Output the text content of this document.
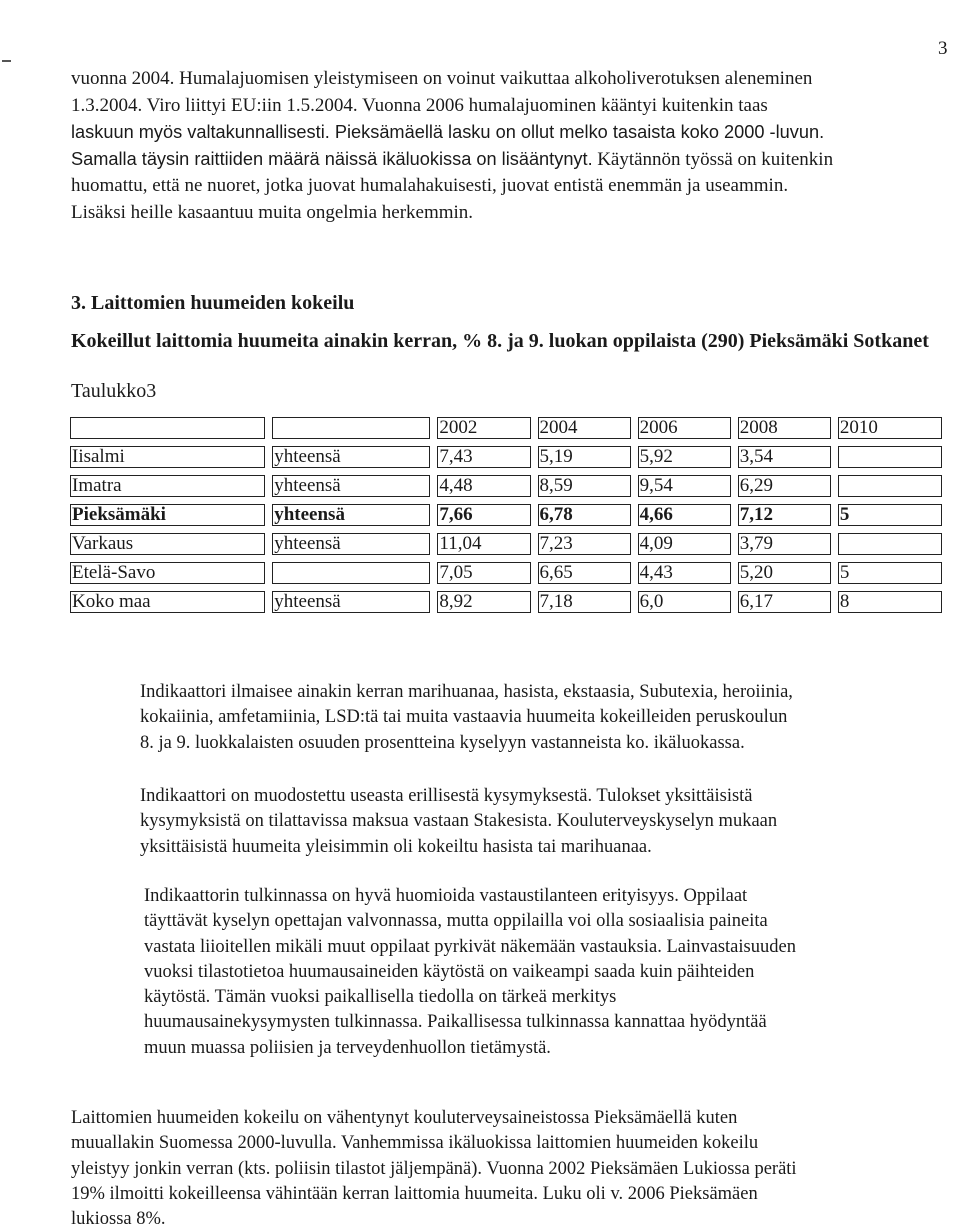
3
vuonna 2004. Humalajuomisen yleistymiseen on voinut vaikuttaa alkoholiverotuksen aleneminen
1.3.2004. Viro liittyi EU:iin 1.5.2004. Vuonna 2006 humalajuominen kääntyi kuitenkin taas
laskuun myös valtakunnallisesti. Pieksämäellä lasku on ollut melko tasaista koko 2000 -luvun.
Samalla täysin raittiiden määrä näissä ikäluokissa on lisääntynyt. Käytännön työssä on kuitenkin
huomattu, että ne nuoret, jotka juovat humalahakuisesti, juovat entistä enemmän ja useammin.
Lisäksi heille kasaantuu muita ongelmia herkemmin.
3. Laittomien huumeiden kokeilu

Kokeillut laittomia huumeita ainakin kerran, % 8. ja 9. luokan oppilaista (290) Pieksämäki Sotkanet

Taulukko3
		2002	2004	2006	2008	2010
Iisalmi	yhteensä	7,43	5,19	5,92	3,54	
Imatra	yhteensä	4,48	8,59	9,54	6,29	
Pieksämäki	yhteensä	7,66	6,78	4,66	7,12	5
Varkaus	yhteensä	11,04	7,23	4,09	3,79	
Etelä-Savo		7,05	6,65	4,43	5,20	5
Koko maa	yhteensä	8,92	7,18	6,0	6,17	8

Indikaattori ilmaisee ainakin kerran marihuanaa, hasista, ekstaasia, Subutexia, heroiinia,
kokaiinia, amfetamiinia, LSD:tä tai muita vastaavia huumeita kokeilleiden peruskoulun
8. ja 9. luokkalaisten osuuden prosentteina kyselyyn vastanneista ko. ikäluokassa.

Indikaattori on muodostettu useasta erillisestä kysymyksestä. Tulokset yksittäisistä
kysymyksistä on tilattavissa maksua vastaan Stakesista. Kouluterveyskyselyn mukaan
yksittäisistä huumeita yleisimmin oli kokeiltu hasista tai marihuanaa.

Indikaattorin tulkinnassa on hyvä huomioida vastaustilanteen erityisyys. Oppilaat
täyttävät kyselyn opettajan valvonnassa, mutta oppilailla voi olla sosiaalisia paineita
vastata liioitellen mikäli muut oppilaat pyrkivät näkemään vastauksia. Lainvastaisuuden
vuoksi tilastotietoa huumausaineiden käytöstä on vaikeampi saada kuin päihteiden
käytöstä. Tämän vuoksi paikallisella tiedolla on tärkeä merkitys
huumausainekysymysten tulkinnassa. Paikallisessa tulkinnassa kannattaa hyödyntää
muun muassa poliisien ja terveydenhuollon tietämystä.

Laittomien huumeiden kokeilu on vähentynyt kouluterveysaineistossa Pieksämäellä kuten
muuallakin Suomessa 2000-luvulla. Vanhemmissa ikäluokissa laittomien huumeiden kokeilu
yleistyy jonkin verran (kts. poliisin tilastot jäljempänä). Vuonna 2002 Pieksämäen Lukiossa peräti
19% ilmoitti kokeilleensa vähintään kerran laittomia huumeita. Luku oli v. 2006 Pieksämäen
lukiossa 8%.
